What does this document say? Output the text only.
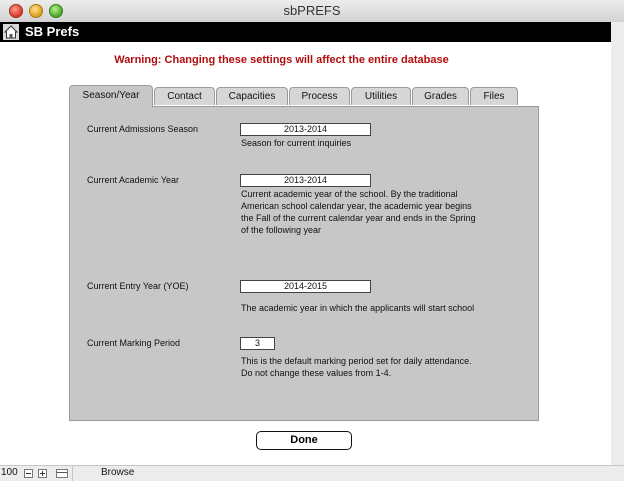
sbPREFS
SB Prefs
Warning: Changing these settings will affect the entire database
Season/Year	Contact	Capacities	Process	Utilities	Grades	Files
Current Admissions Season	2013-2014
Season for current inquiries
Current Academic Year	2013-2014
Current academic year of the school. By the traditional American school calendar year, the academic year begins the Fall of the current calendar year and ends in the Spring of the following year
Current Entry Year (YOE)	2014-2015
The academic year in which the applicants will start school
Current Marking Period	3
This is the default marking period set for daily attendance. Do not change these values from 1-4.
Done
100	Browse
